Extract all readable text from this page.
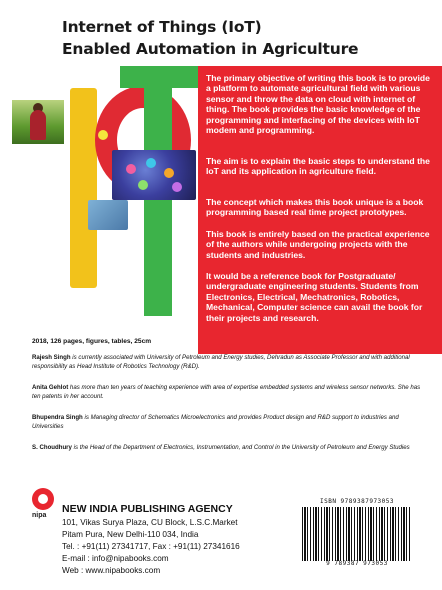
Internet of Things (IoT)
Enabled Automation in Agriculture
The primary objective of writing this book is to provide a platform to automate agricultural field with various sensor and throw the data on cloud with internet of thing. The book provides the basic knowledge of the programming and interfacing of the devices with IoT modem and programming.
The aim is to explain the basic steps to understand the IoT and its application in agriculture field.
The concept which makes this book unique is a book programming based real time project prototypes.
This book is entirely based on the practical experience of the authors while undergoing projects with the students and industries.
It would be a reference book for Postgraduate/ undergraduate engineering students. Students from Electronics, Electrical, Mechatronics, Robotics, Mechanical, Computer science can avail the book for their projects and research.
2018, 126 pages, figures, tables, 25cm
Rajesh Singh is currently associated with University of Petroleum and Energy studies, Dehradun as Associate Professor and with additional responsibility as Head Institute of Robotics Technology (R&D).
Anita Gehlot has more than ten years of teaching experience with area of expertise embedded systems and wireless sensor networks. She has ten patents in her account.
Bhupendra Singh is Managing director of Schematics Microelectronics and provides Product design and R&D support to industries and Universities
S. Choudhury is the Head of the Department of Electronics, Instrumentation, and Control in the University of Petroleum and Energy Studies
nipa
NEW INDIA PUBLISHING AGENCY
101, Vikas Surya Plaza, CU Block, L.S.C.Market
Pitam Pura, New Delhi-110 034, India
Tel. : +91(11) 27341717, Fax : +91(11) 27341616
E-mail : info@nipabooks.com
Web : www.nipabooks.com
ISBN 9789387973053
9 789387 973053
